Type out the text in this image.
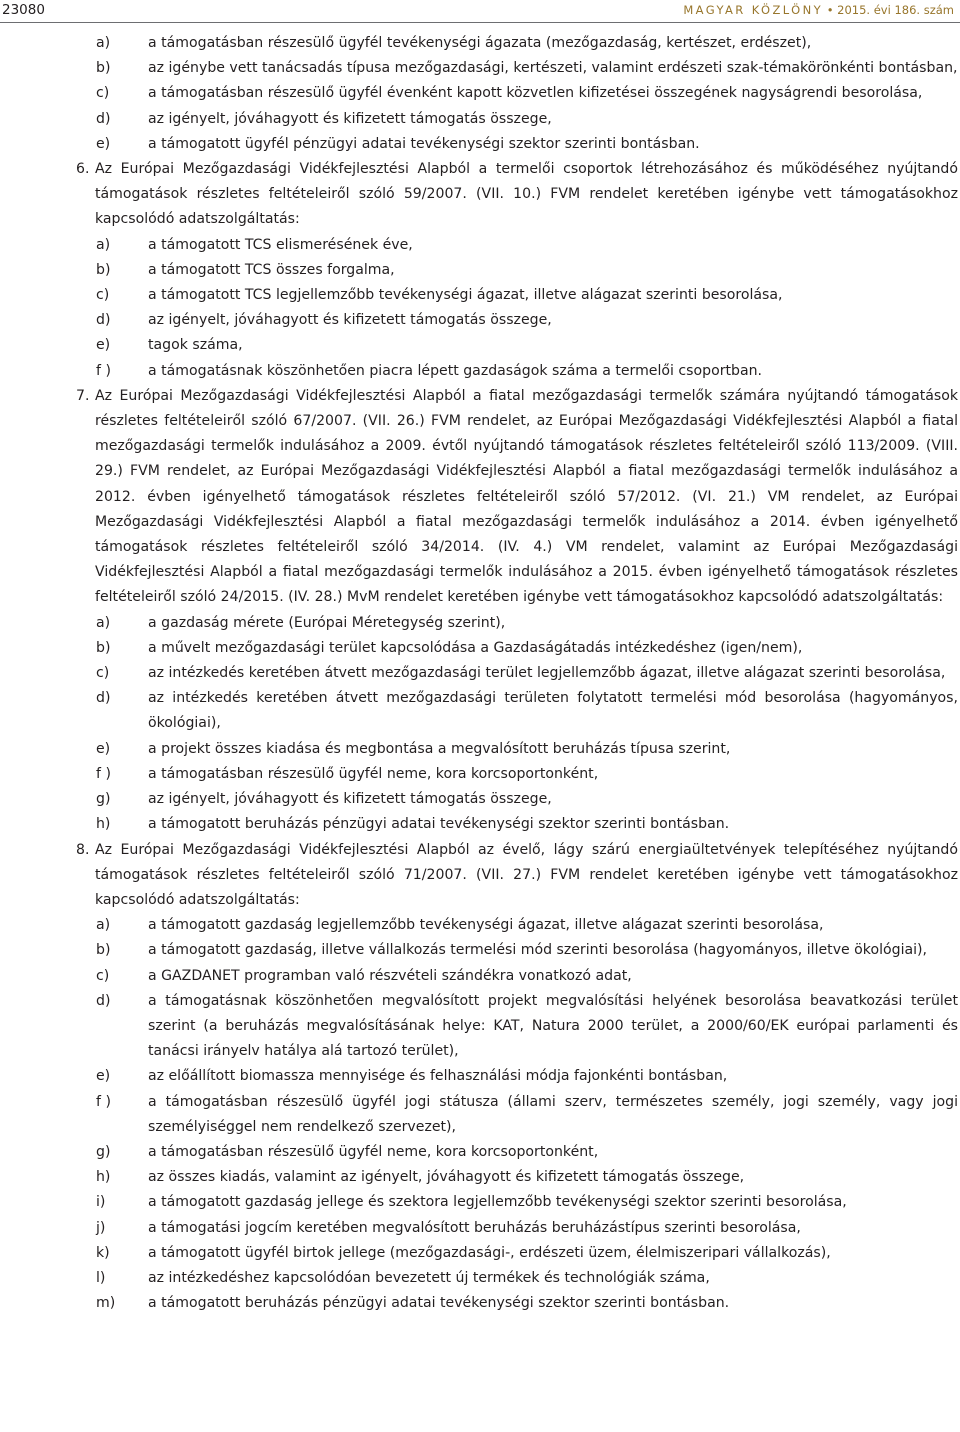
23080	MAGYAR KÖZLÖNY • 2015. évi 186. szám
a)	a támogatásban részesülő ügyfél tevékenységi ágazata (mezőgazdaság, kertészet, erdészet),
b)	az igénybe vett tanácsadás típusa mezőgazdasági, kertészeti, valamint erdészeti szak-témakörönkénti bontásban,
c)	a támogatásban részesülő ügyfél évenként kapott közvetlen kifizetései összegének nagyságrendi besorolása,
d)	az igényelt, jóváhagyott és kifizetett támogatás összege,
e)	a támogatott ügyfél pénzügyi adatai tevékenységi szektor szerinti bontásban.
6. Az Európai Mezőgazdasági Vidékfejlesztési Alapból a termelői csoportok létrehozásához és működéséhez nyújtandó támogatások részletes feltételeiről szóló 59/2007. (VII. 10.) FVM rendelet keretében igénybe vett támogatásokhoz kapcsolódó adatszolgáltatás:
a)	a támogatott TCS elismerésének éve,
b)	a támogatott TCS összes forgalma,
c)	a támogatott TCS legjellemzőbb tevékenységi ágazat, illetve alágazat szerinti besorolása,
d)	az igényelt, jóváhagyott és kifizetett támogatás összege,
e)	tagok száma,
f )	a támogatásnak köszönhetően piacra lépett gazdaságok száma a termelői csoportban.
7. Az Európai Mezőgazdasági Vidékfejlesztési Alapból a fiatal mezőgazdasági termelők számára nyújtandó támogatások részletes feltételeiről szóló 67/2007. (VII. 26.) FVM rendelet, az Európai Mezőgazdasági Vidékfejlesztési Alapból a fiatal mezőgazdasági termelők indulásához a 2009. évtől nyújtandó támogatások részletes feltételeiről szóló 113/2009. (VIII. 29.) FVM rendelet, az Európai Mezőgazdasági Vidékfejlesztési Alapból a fiatal mezőgazdasági termelők indulásához a 2012. évben igényelhető támogatások részletes feltételeiről szóló 57/2012. (VI. 21.) VM rendelet, az Európai Mezőgazdasági Vidékfejlesztési Alapból a fiatal mezőgazdasági termelők indulásához a 2014. évben igényelhető támogatások részletes feltételeiről szóló 34/2014. (IV. 4.) VM rendelet, valamint az Európai Mezőgazdasági Vidékfejlesztési Alapból a fiatal mezőgazdasági termelők indulásához a 2015. évben igényelhető támogatások részletes feltételeiről szóló 24/2015. (IV. 28.) MvM rendelet keretében igénybe vett támogatásokhoz kapcsolódó adatszolgáltatás:
a)	a gazdaság mérete (Európai Méretegység szerint),
b)	a művelt mezőgazdasági terület kapcsolódása a Gazdaságátadás intézkedéshez (igen/nem),
c)	az intézkedés keretében átvett mezőgazdasági terület legjellemzőbb ágazat, illetve alágazat szerinti besorolása,
d)	az intézkedés keretében átvett mezőgazdasági területen folytatott termelési mód besorolása (hagyományos, ökológiai),
e)	a projekt összes kiadása és megbontása a megvalósított beruházás típusa szerint,
f )	a támogatásban részesülő ügyfél neme, kora korcsoportonként,
g)	az igényelt, jóváhagyott és kifizetett támogatás összege,
h)	a támogatott beruházás pénzügyi adatai tevékenységi szektor szerinti bontásban.
8. Az Európai Mezőgazdasági Vidékfejlesztési Alapból az évelő, lágy szárú energiaültetvények telepítéséhez nyújtandó támogatások részletes feltételeiről szóló 71/2007. (VII. 27.) FVM rendelet keretében igénybe vett támogatásokhoz kapcsolódó adatszolgáltatás:
a)	a támogatott gazdaság legjellemzőbb tevékenységi ágazat, illetve alágazat szerinti besorolása,
b)	a támogatott gazdaság, illetve vállalkozás termelési mód szerinti besorolása (hagyományos, illetve ökológiai),
c)	a GAZDANET programban való részvételi szándékra vonatkozó adat,
d)	a támogatásnak köszönhetően megvalósított projekt megvalósítási helyének besorolása beavatkozási terület szerint (a beruházás megvalósításának helye: KAT, Natura 2000 terület, a 2000/60/EK európai parlamenti és tanácsi irányelv hatálya alá tartozó terület),
e)	az előállított biomassza mennyisége és felhasználási módja fajonkénti bontásban,
f )	a támogatásban részesülő ügyfél jogi státusza (állami szerv, természetes személy, jogi személy, vagy jogi személyiséggel nem rendelkező szervezet),
g)	a támogatásban részesülő ügyfél neme, kora korcsoportonként,
h)	az összes kiadás, valamint az igényelt, jóváhagyott és kifizetett támogatás összege,
i)	a támogatott gazdaság jellege és szektora legjellemzőbb tevékenységi szektor szerinti besorolása,
j)	a támogatási jogcím keretében megvalósított beruházás beruházástípus szerinti besorolása,
k)	a támogatott ügyfél birtok jellege (mezőgazdasági-, erdészeti üzem, élelmiszeripari vállalkozás),
l)	az intézkedéshez kapcsolódóan bevezetett új termékek és technológiák száma,
m)	a támogatott beruházás pénzügyi adatai tevékenységi szektor szerinti bontásban.
